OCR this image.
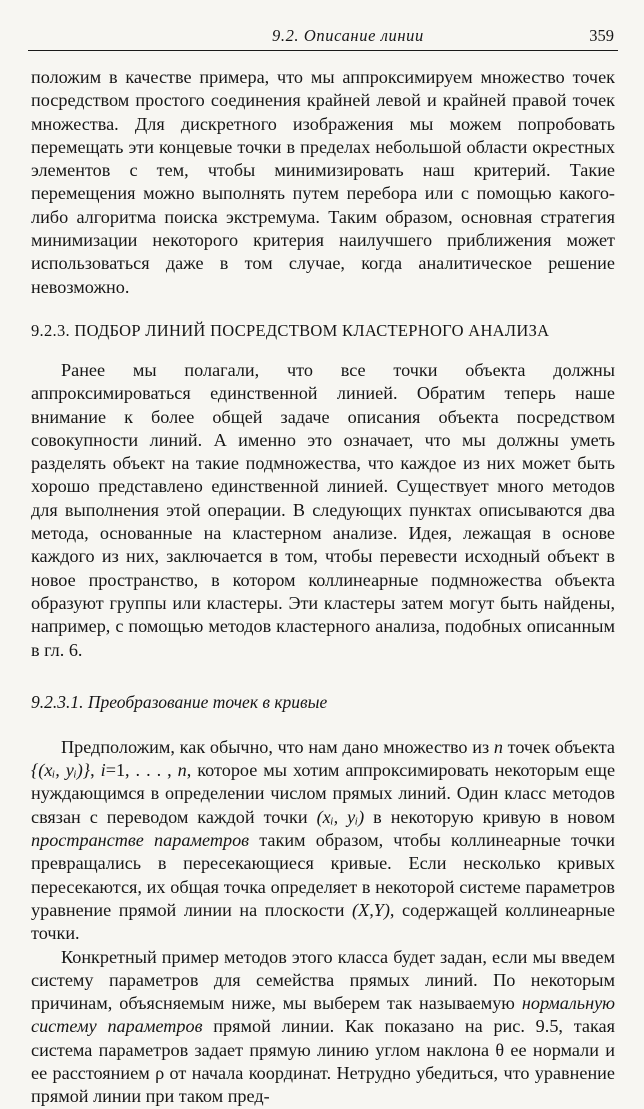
9.2. Описание линии	359

положим в качестве примера, что мы аппроксимируем множество точек посредством простого соединения крайней левой и крайней правой точек множества. Для дискретного изображения мы можем попробовать перемещать эти концевые точки в пределах небольшой области окрестных элементов с тем, чтобы минимизировать наш критерий. Такие перемещения можно выполнять путем перебора или с помощью какого-либо алгоритма поиска экстремума. Таким образом, основная стратегия минимизации некоторого критерия наилучшего приближения может использоваться даже в том случае, когда аналитическое решение невозможно.

9.2.3. ПОДБОР ЛИНИЙ ПОСРЕДСТВОМ КЛАСТЕРНОГО АНАЛИЗА

Ранее мы полагали, что все точки объекта должны аппроксимироваться единственной линией. Обратим теперь наше внимание к более общей задаче описания объекта посредством совокупности линий. А именно это означает, что мы должны уметь разделять объект на такие подмножества, что каждое из них может быть хорошо представлено единственной линией. Существует много методов для выполнения этой операции. В следующих пунктах описываются два метода, основанные на кластерном анализе. Идея, лежащая в основе каждого из них, заключается в том, чтобы перевести исходный объект в новое пространство, в котором коллинеарные подмножества объекта образуют группы или кластеры. Эти кластеры затем могут быть найдены, например, с помощью методов кластерного анализа, подобных описанным в гл. 6.

9.2.3.1. Преобразование точек в кривые

Предположим, как обычно, что нам дано множество из n точек объекта {(xᵢ, yᵢ)}, i=1, . . . , n, которое мы хотим аппроксимировать некоторым еще нуждающимся в определении числом прямых линий. Один класс методов связан с переводом каждой точки (xᵢ, yᵢ) в некоторую кривую в новом пространстве параметров таким образом, чтобы коллинеарные точки превращались в пересекающиеся кривые. Если несколько кривых пересекаются, их общая точка определяет в некоторой системе параметров уравнение прямой линии на плоскости (X,Y), содержащей коллинеарные точки.

Конкретный пример методов этого класса будет задан, если мы введем систему параметров для семейства прямых линий. По некоторым причинам, объясняемым ниже, мы выберем так называемую нормальную систему параметров прямой линии. Как показано на рис. 9.5, такая система параметров задает прямую линию углом наклона θ ее нормали и ее расстоянием ρ от начала координат. Нетрудно убедиться, что уравнение прямой линии при таком пред-
